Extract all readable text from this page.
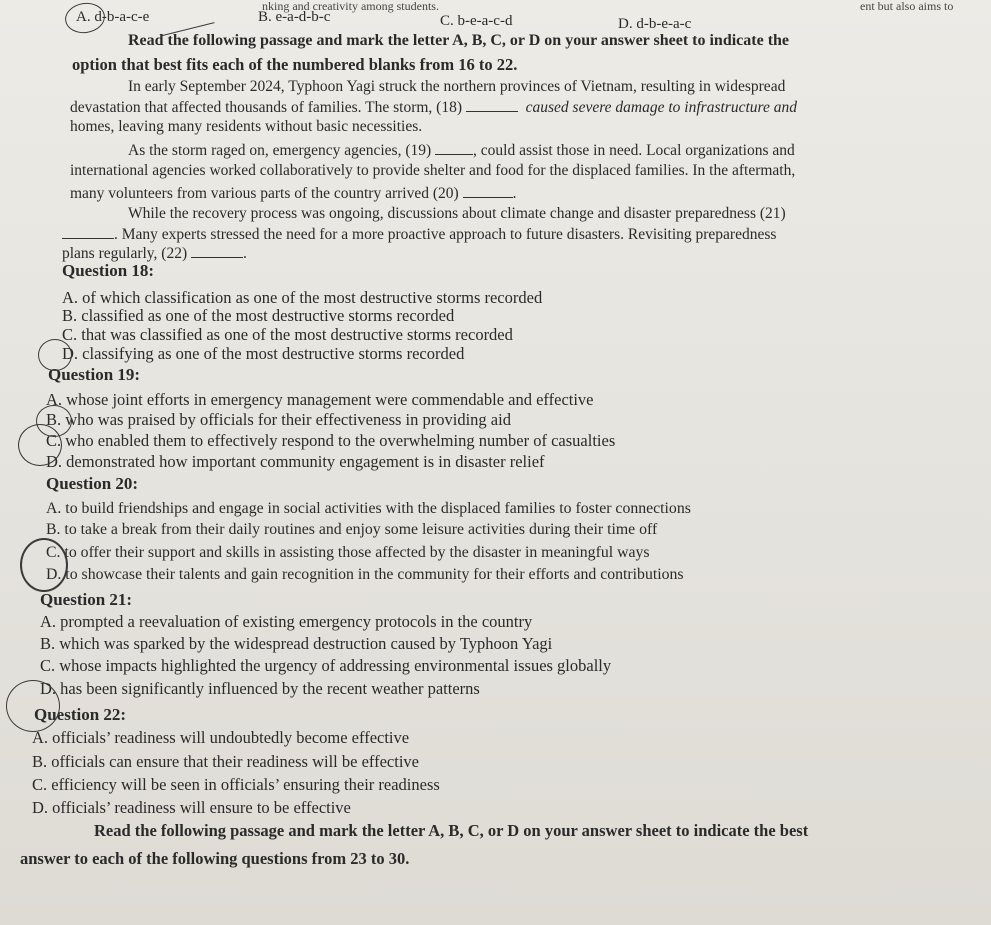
nking and creativity among students.	ent but also aims to
A. d-b-a-c-e	B. e-a-d-b-c	C. b-e-a-c-d	D. d-b-e-a-c
Read the following passage and mark the letter A, B, C, or D on your answer sheet to indicate the
option that best fits each of the numbered blanks from 16 to 22.
In early September 2024, Typhoon Yagi struck the northern provinces of Vietnam, resulting in widespread
devastation that affected thousands of families. The storm, (18)	caused severe damage to infrastructure and
homes, leaving many residents without basic necessities.
As the storm raged on, emergency agencies, (19)	, could assist those in need. Local organizations and
international agencies worked collaboratively to provide shelter and food for the displaced families. In the aftermath,
many volunteers from various parts of the country arrived (20)	.
While the recovery process was ongoing, discussions about climate change and disaster preparedness (21)
. Many experts stressed the need for a more proactive approach to future disasters. Revisiting preparedness
plans regularly, (22)	.
Question 18:
A. of which classification as one of the most destructive storms recorded
B. classified as one of the most destructive storms recorded
C. that was classified as one of the most destructive storms recorded
D. classifying as one of the most destructive storms recorded
Question 19:
A. whose joint efforts in emergency management were commendable and effective
B. who was praised by officials for their effectiveness in providing aid
C. who enabled them to effectively respond to the overwhelming number of casualties
D. demonstrated how important community engagement is in disaster relief
Question 20:
A. to build friendships and engage in social activities with the displaced families to foster connections
B. to take a break from their daily routines and enjoy some leisure activities during their time off
C. to offer their support and skills in assisting those affected by the disaster in meaningful ways
D. to showcase their talents and gain recognition in the community for their efforts and contributions
Question 21:
A. prompted a reevaluation of existing emergency protocols in the country
B. which was sparked by the widespread destruction caused by Typhoon Yagi
C. whose impacts highlighted the urgency of addressing environmental issues globally
D. has been significantly influenced by the recent weather patterns
Question 22:
A. officials’ readiness will undoubtedly become effective
B. officials can ensure that their readiness will be effective
C. efficiency will be seen in officials’ ensuring their readiness
D. officials’ readiness will ensure to be effective
Read the following passage and mark the letter A, B, C, or D on your answer sheet to indicate the best
answer to each of the following questions from 23 to 30.
